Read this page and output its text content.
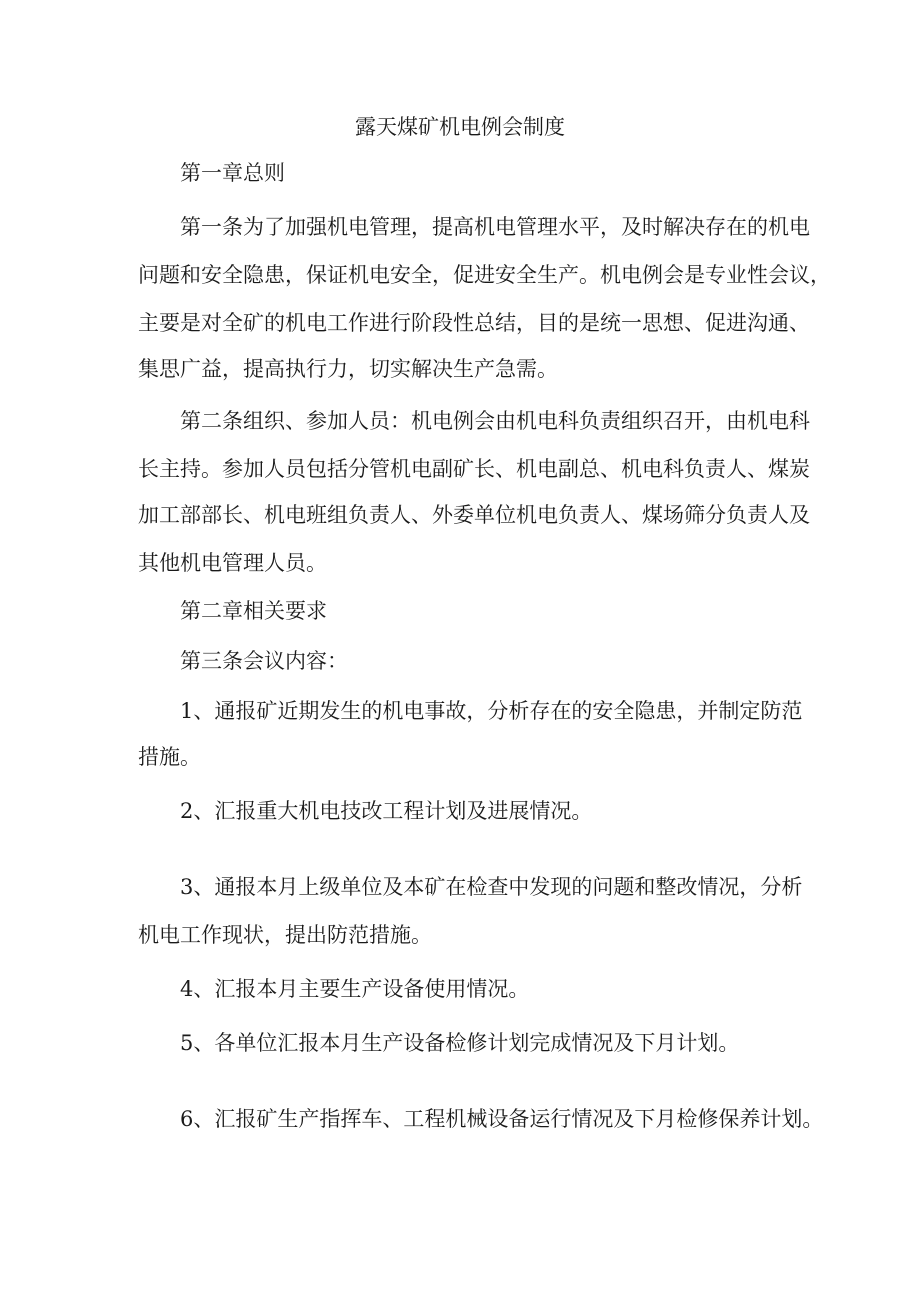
露天煤矿机电例会制度
第一章总则
第一条为了加强机电管理，提高机电管理水平，及时解决存在的机电
问题和安全隐患，保证机电安全，促进安全生产。机电例会是专业性会议，
主要是对全矿的机电工作进行阶段性总结，目的是统一思想、促进沟通、
集思广益，提高执行力，切实解决生产急需。
第二条组织、参加人员：机电例会由机电科负责组织召开，由机电科
长主持。参加人员包括分管机电副矿长、机电副总、机电科负责人、煤炭
加工部部长、机电班组负责人、外委单位机电负责人、煤场筛分负责人及
其他机电管理人员。
第二章相关要求
第三条会议内容：
1、通报矿近期发生的机电事故，分析存在的安全隐患，并制定防范
措施。
2、汇报重大机电技改工程计划及进展情况。
3、通报本月上级单位及本矿在检查中发现的问题和整改情况，分析
机电工作现状，提出防范措施。
4、汇报本月主要生产设备使用情况。
5、各单位汇报本月生产设备检修计划完成情况及下月计划。
6、汇报矿生产指挥车、工程机械设备运行情况及下月检修保养计划。
